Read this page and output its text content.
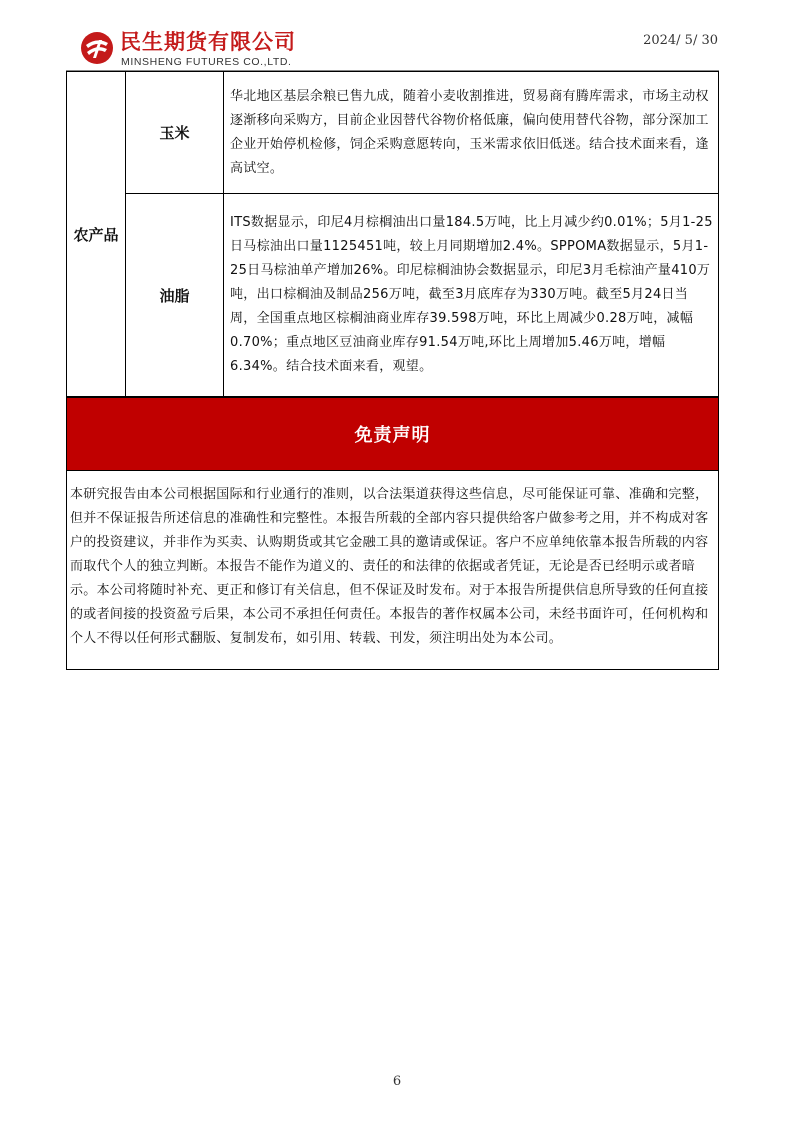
民生期货有限公司
MINSHENG FUTURES CO.,LTD.
2024/ 5/ 30
农产品
玉米

华北地区基层余粮已售九成，随着小麦收割推进，贸易商有腾库需求，市场主动权逐渐移向采购方，目前企业因替代谷物价格低廉，偏向使用替代谷物，部分深加工企业开始停机检修，饲企采购意愿转向，玉米需求依旧低迷。结合技术面来看，逢高试空。

油脂

ITS数据显示，印尼4月棕榈油出口量184.5万吨，比上月减少约0.01%；5月1-25日马棕油出口量1125451吨，较上月同期增加2.4%。SPPOMA数据显示，5月1-25日马棕油单产增加26%。印尼棕榈油协会数据显示，印尼3月毛棕油产量410万吨，出口棕榈油及制品256万吨，截至3月底库存为330万吨。截至5月24日当周，全国重点地区棕榈油商业库存39.598万吨，环比上周减少0.28万吨，减幅0.70%；重点地区豆油商业库存91.54万吨,环比上周增加5.46万吨，增幅6.34%。结合技术面来看，观望。

免责声明

本研究报告由本公司根据国际和行业通行的准则，以合法渠道获得这些信息，尽可能保证可靠、准确和完整，但并不保证报告所述信息的准确性和完整性。本报告所载的全部内容只提供给客户做参考之用，并不构成对客户的投资建议，并非作为买卖、认购期货或其它金融工具的邀请或保证。客户不应单纯依靠本报告所载的内容而取代个人的独立判断。本报告不能作为道义的、责任的和法律的依据或者凭证，无论是否已经明示或者暗示。本公司将随时补充、更正和修订有关信息，但不保证及时发布。对于本报告所提供信息所导致的任何直接的或者间接的投资盈亏后果，本公司不承担任何责任。本报告的著作权属本公司，未经书面许可，任何机构和个人不得以任何形式翻版、复制发布，如引用、转载、刊发，须注明出处为本公司。

6
